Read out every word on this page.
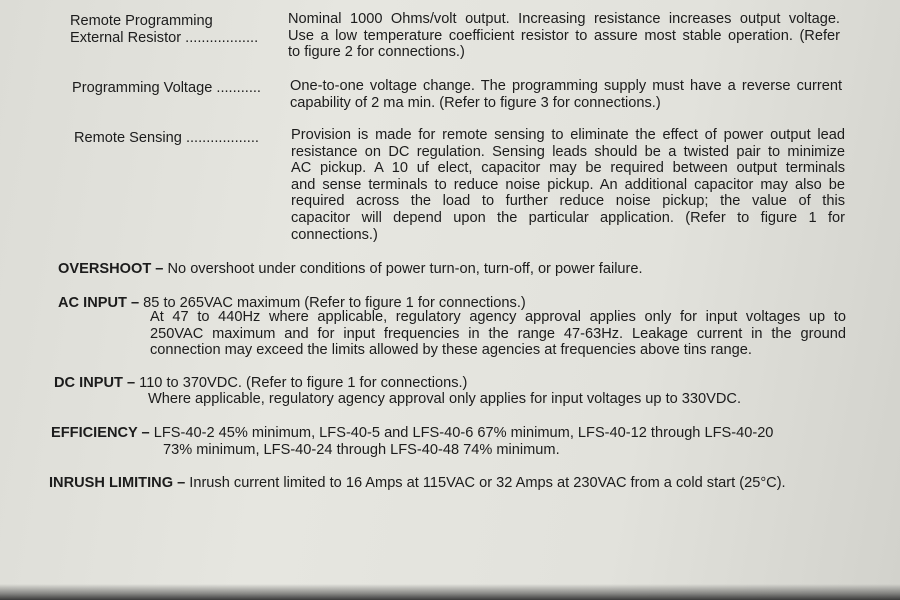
Remote Programming
External Resistor ..................
Nominal 1000 Ohms/volt output. Increasing resistance increases output voltage.
Use a low temperature coefficient resistor to assure most stable operation. (Refer
to figure 2 for connections.)
Programming Voltage ........... One-to-one voltage change. The programming supply must have a reverse current
capability of 2 ma min. (Refer to figure 3 for connections.)
Remote Sensing .................. Provision is made for remote sensing to eliminate the effect of power output lead
resistance on DC regulation. Sensing leads should be a twisted pair to minimize
AC pickup. A 10 uf elect, capacitor may be required between output terminals
and sense terminals to reduce noise pickup. An additional capacitor may also be
required across the load to further reduce noise pickup; the value of this
capacitor will depend upon the particular application. (Refer to figure 1 for
connections.)
OVERSHOOT – No overshoot under conditions of power turn-on, turn-off, or power failure.
AC INPUT – 85 to 265VAC maximum (Refer to figure 1 for connections.)
At 47 to 440Hz where applicable, regulatory agency approval applies only for input voltages up to
250VAC maximum and for input frequencies in the range 47-63Hz. Leakage current in the ground
connection may exceed the limits allowed by these agencies at frequencies above tins range.
DC INPUT – 110 to 370VDC. (Refer to figure 1 for connections.)
Where applicable, regulatory agency approval only applies for input voltages up to 330VDC.
EFFICIENCY – LFS-40-2 45% minimum, LFS-40-5 and LFS-40-6 67% minimum, LFS-40-12 through LFS-40-20
73% minimum, LFS-40-24 through LFS-40-48 74% minimum.
INRUSH LIMITING – Inrush current limited to 16 Amps at 115VAC or 32 Amps at 230VAC from a cold start (25°C).
